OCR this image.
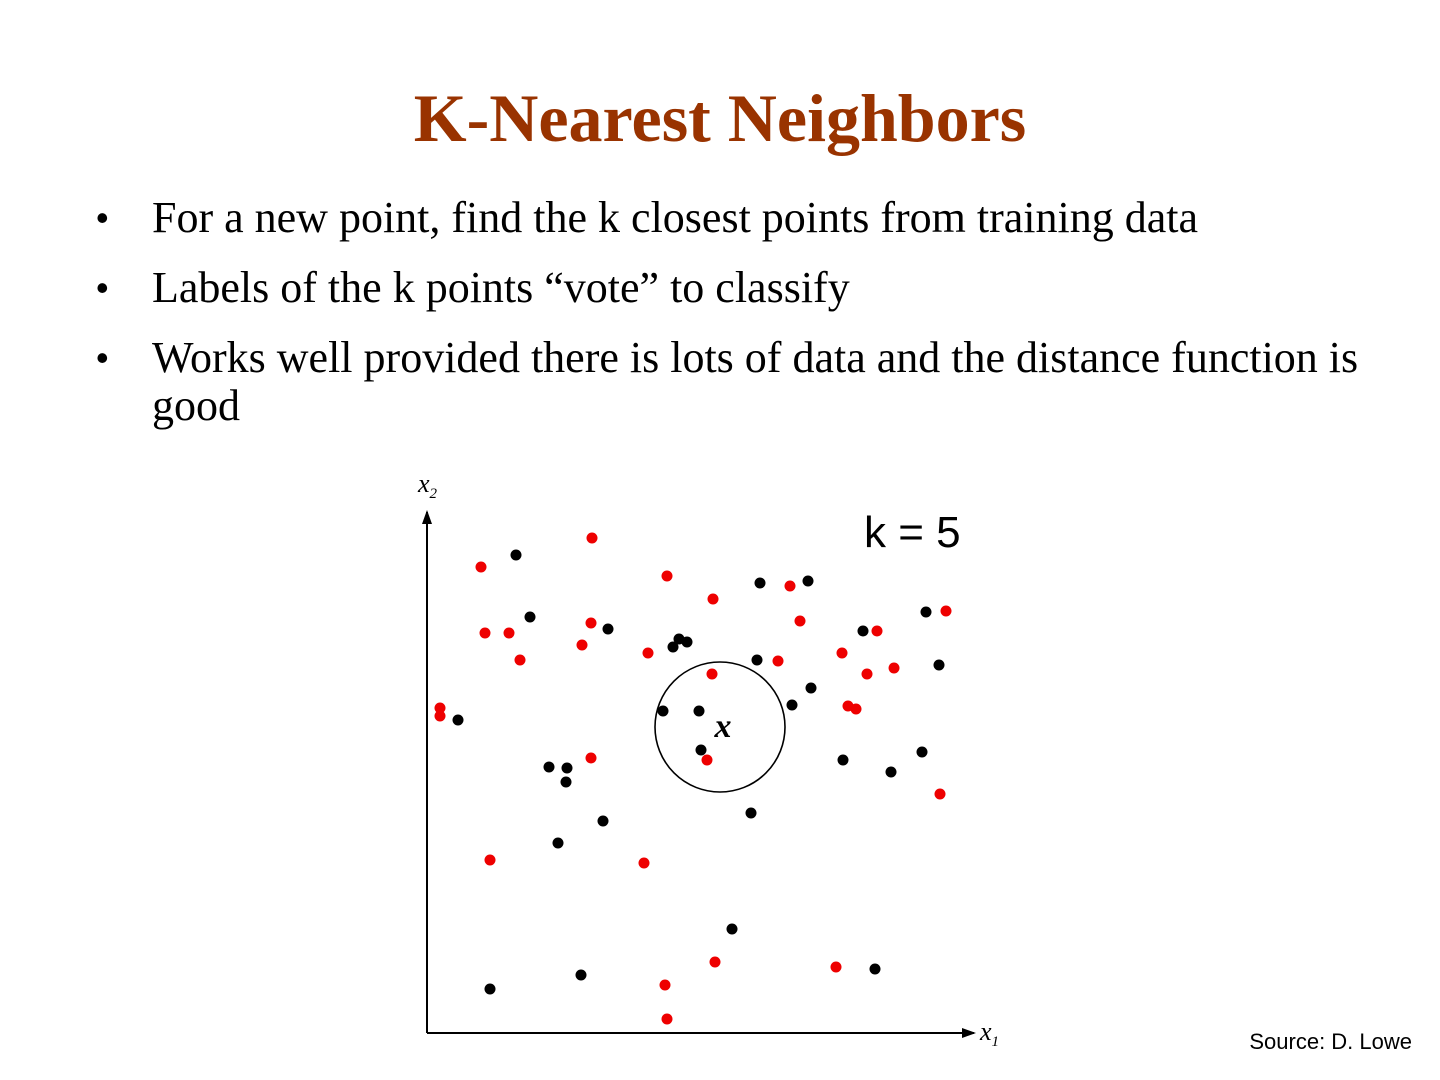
K-Nearest Neighbors
• For a new point, find the k closest points from training data
• Labels of the k points “vote” to classify
• Works well provided there is lots of data and the distance function is good
$x_2$
$x_1$
x
k = 5
Source: D. Lowe
